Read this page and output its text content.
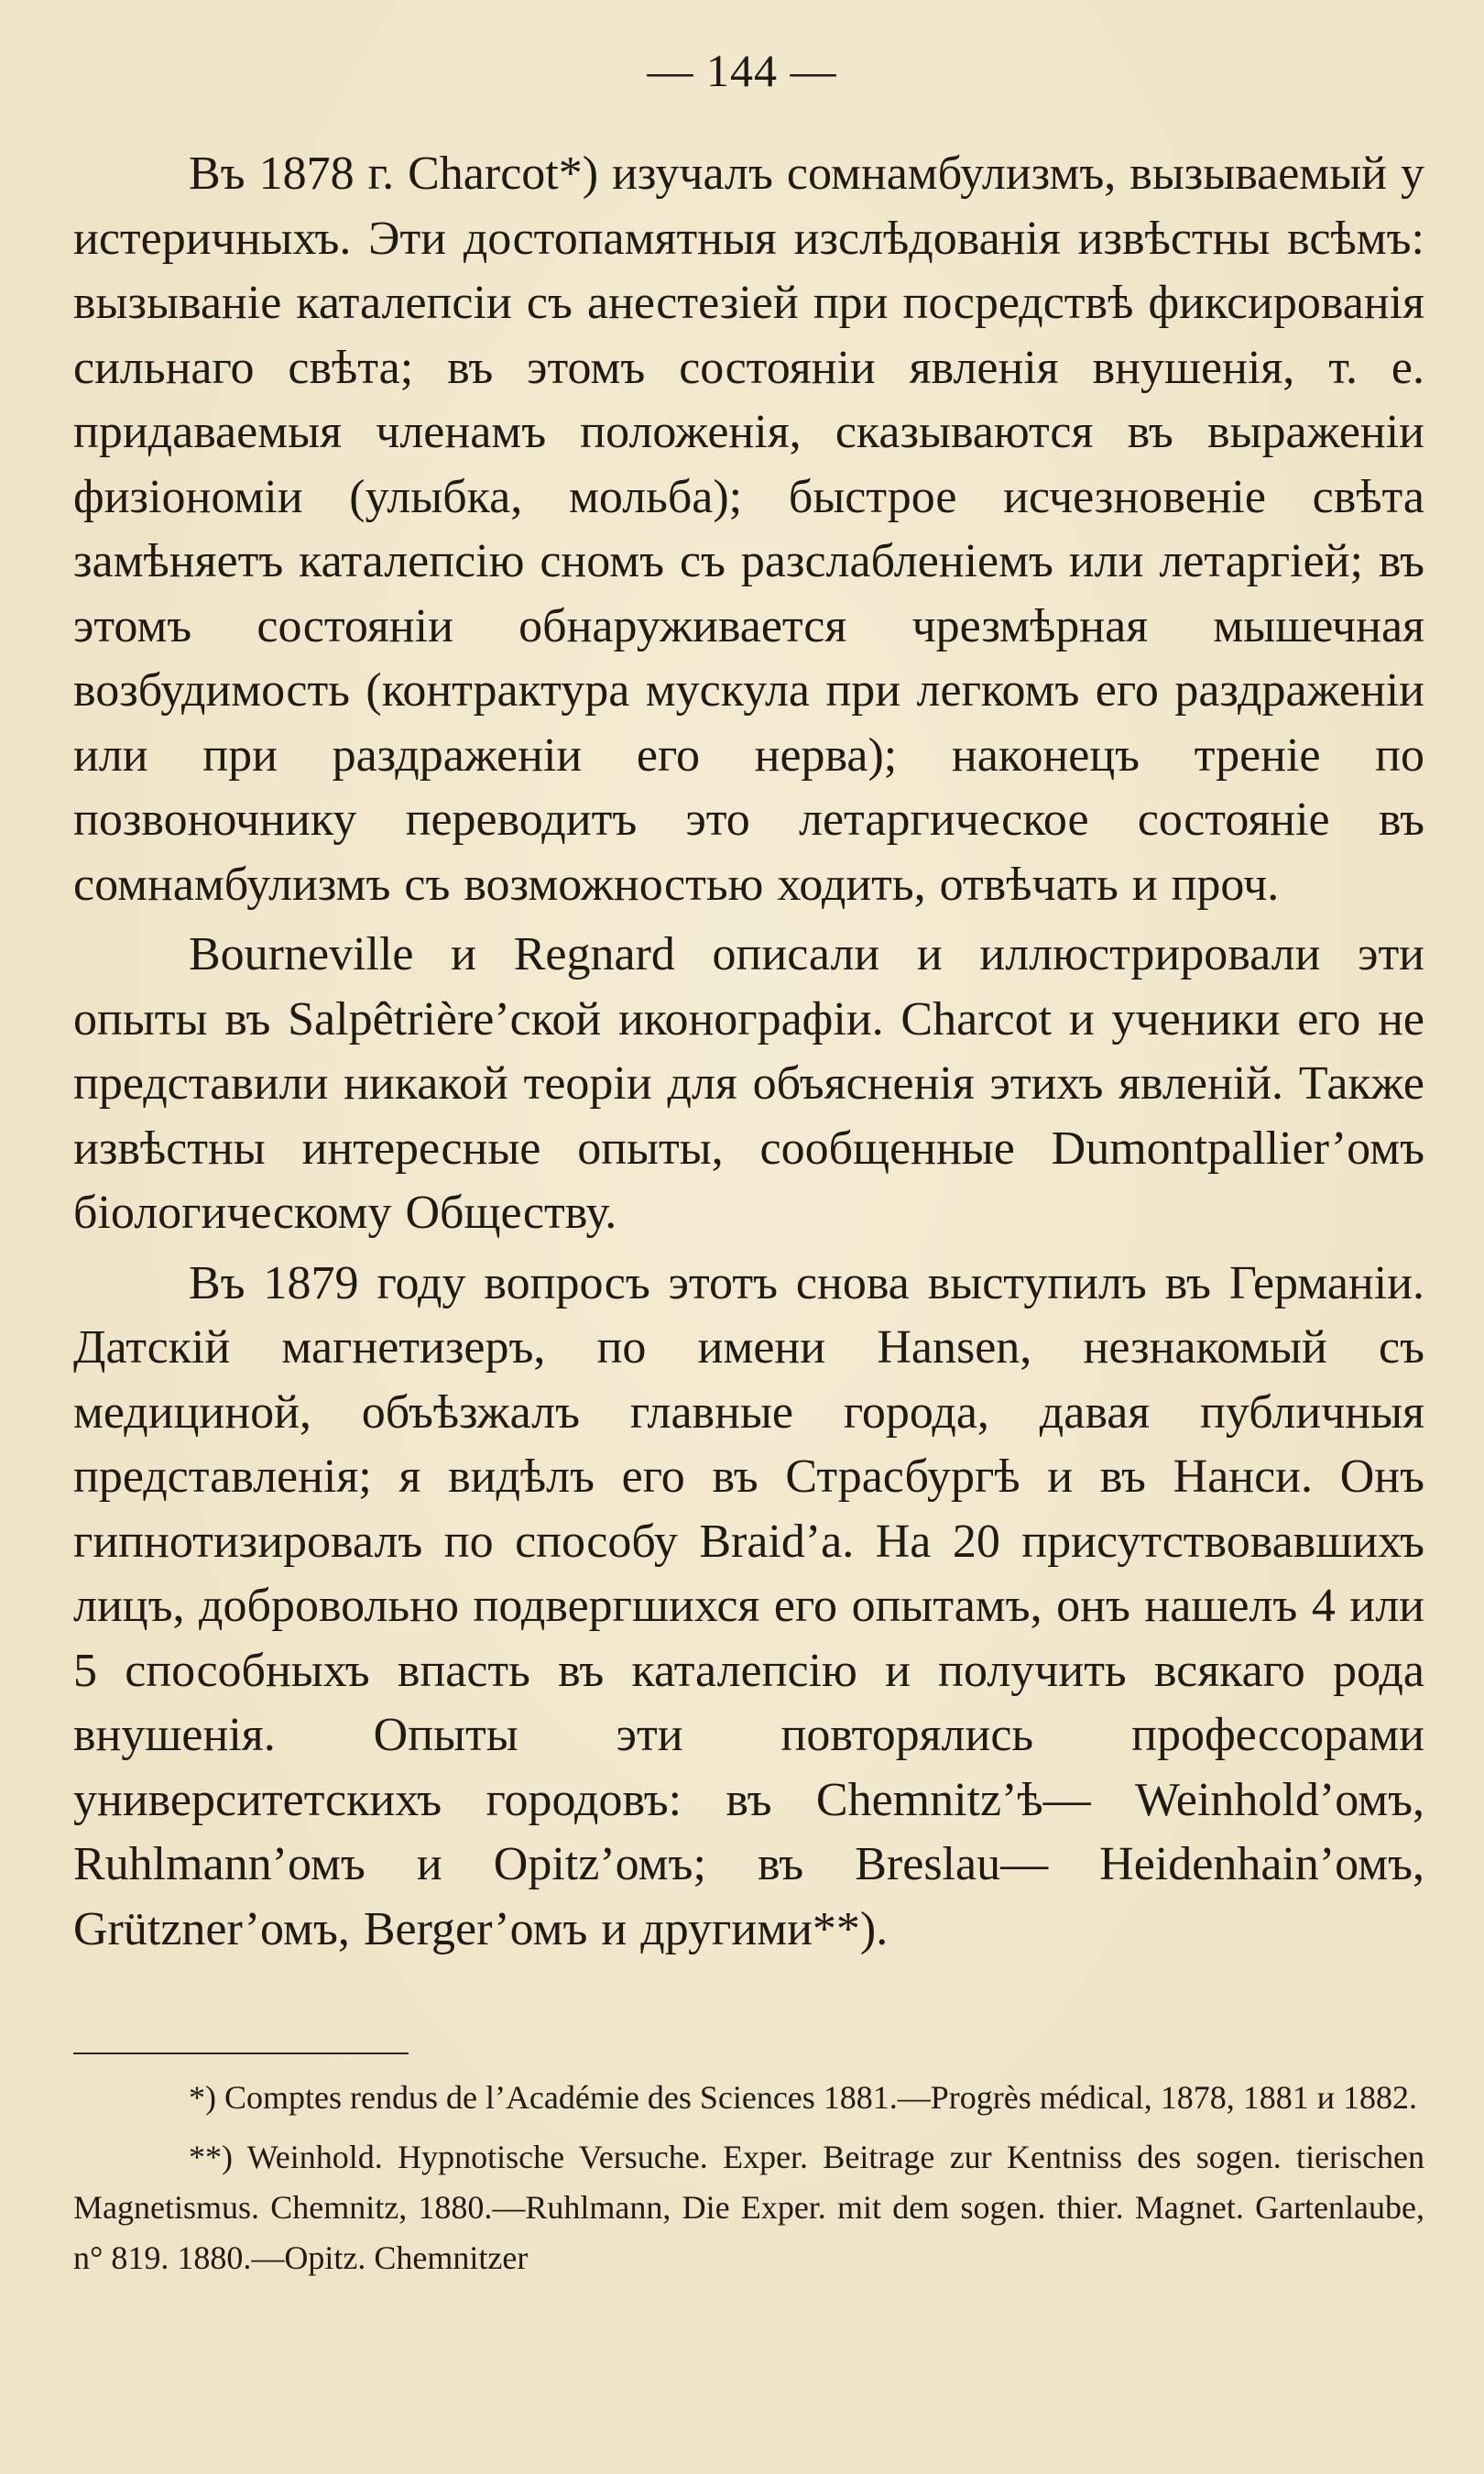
— 144 —

Въ 1878 г. Charcot*) изучалъ сомнамбулизмъ, вызываемый у истеричныхъ. Эти достопамятныя изслѣдованія извѣстны всѣмъ: вызываніе каталепсіи съ анестезіей при посредствѣ фиксированія сильнаго свѣта; въ этомъ состояніи явленія внушенія, т. е. придаваемыя членамъ положенія, сказываются въ выраженіи физіономіи (улыбка, мольба); быстрое исчезновеніе свѣта замѣняетъ каталепсію сномъ съ разслабленіемъ или летаргіей; въ этомъ состояніи обнаруживается чрезмѣрная мышечная возбудимость (контрактура мускула при легкомъ его раздраженіи или при раздраженіи его нерва); наконецъ треніе по позвоночнику переводитъ это летаргическое состояніе въ сомнамбулизмъ съ возможностью ходить, отвѣчать и проч.

Bourneville и Regnard описали и иллюстрировали эти опыты въ Salpêtrière’ской иконографіи. Charcot и ученики его не представили никакой теоріи для объясненія этихъ явленій. Также извѣстны интересные опыты, сообщенные Dumontpallier’омъ біологическому Обществу.

Въ 1879 году вопросъ этотъ снова выступилъ въ Германіи. Датскій магнетизеръ, по имени Hansen, незнакомый съ медициной, объѣзжалъ главные города, давая публичныя представленія; я видѣлъ его въ Страсбургѣ и въ Нанси. Онъ гипнотизировалъ по способу Braid’а. На 20 присутствовавшихъ лицъ, добровольно подвергшихся его опытамъ, онъ нашелъ 4 или 5 способныхъ впасть въ каталепсію и получить всякаго рода внушенія. Опыты эти повторялись профессорами университетскихъ городовъ: въ Chemnitz’ѣ— Weinhold’омъ, Ruhlmann’омъ и Opitz’омъ; въ Breslau— Heidenhain’омъ, Grützner’омъ, Berger’омъ и другими**).

*) Comptes rendus de l’Académie des Sciences 1881.—Progrès médical, 1878, 1881 и 1882.

**) Weinhold. Hypnotische Versuche. Exper. Beitrage zur Kentniss des sogen. tierischen Magnetismus. Chemnitz, 1880.—Ruhlmann, Die Exper. mit dem sogen. thier. Magnet. Gartenlaube, n° 819. 1880.—Opitz. Chemnitzer
